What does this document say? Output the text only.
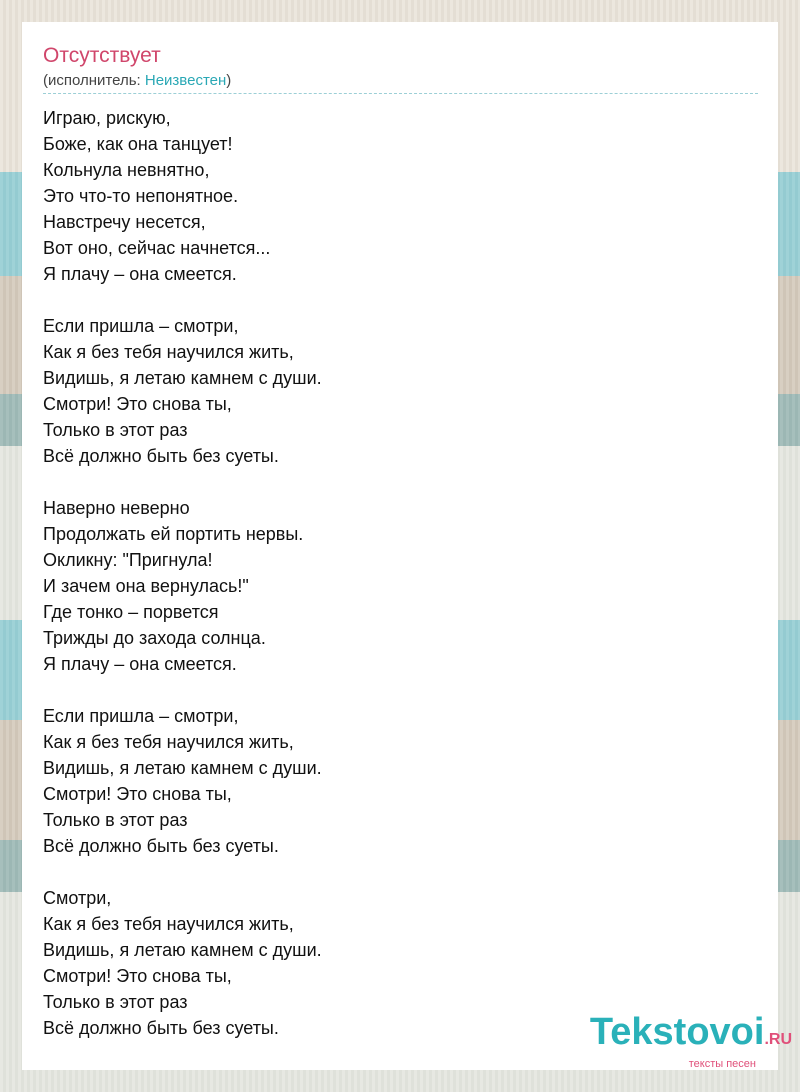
Отсутствует
(исполнитель: Неизвестен)
Играю, рискую,
Боже, как она танцует!
Кольнула невнятно,
Это что-то непонятное.
Навстречу несется,
Вот оно, сейчас начнется...
Я плачу – она смеется.
Если пришла – смотри,
Как я без тебя научился жить,
Видишь, я летаю камнем с души.
Смотри! Это снова ты,
Только в этот раз
Всё должно быть без суеты.
Наверно неверно
Продолжать ей портить нервы.
Окликну: "Пригнула!
И зачем она вернулась!"
Где тонко – порвется
Трижды до захода солнца.
Я плачу – она смеется.
Если пришла – смотри,
Как я без тебя научился жить,
Видишь, я летаю камнем с души.
Смотри! Это снова ты,
Только в этот раз
Всё должно быть без суеты.
Смотри,
Как я без тебя научился жить,
Видишь, я летаю камнем с души.
Смотри! Это снова ты,
Только в этот раз
Всё должно быть без суеты.	Tekstovoi.RU
тексты песен
